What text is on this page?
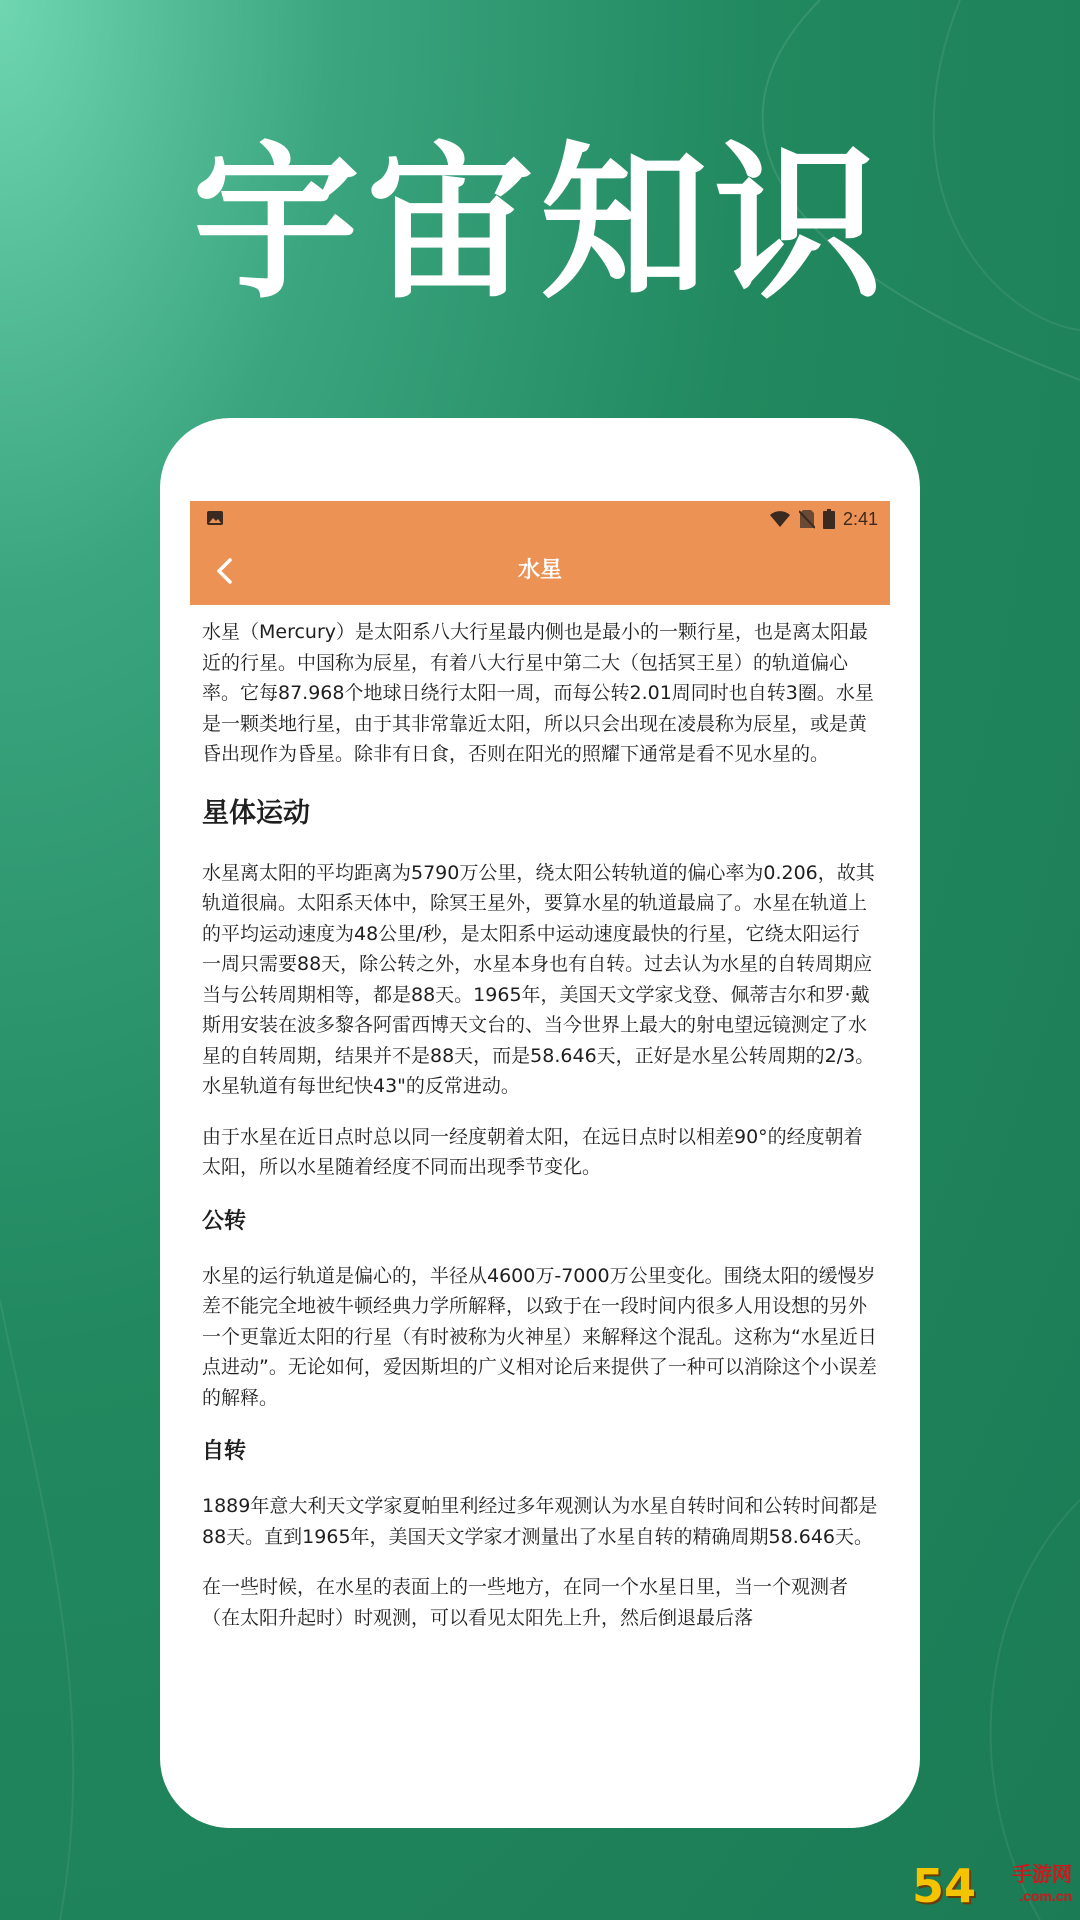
宇宙知识
2:41
水星

水星（Mercury）是太阳系八大行星最内侧也是最小的一颗行星，也是离太阳最近的行星。中国称为辰星，有着八大行星中第二大（包括冥王星）的轨道偏心率。它每87.968个地球日绕行太阳一周，而每公转2.01周同时也自转3圈。水星是一颗类地行星，由于其非常靠近太阳，所以只会出现在凌晨称为辰星，或是黄昏出现作为昏星。除非有日食，否则在阳光的照耀下通常是看不见水星的。

星体运动

水星离太阳的平均距离为5790万公里，绕太阳公转轨道的偏心率为0.206，故其轨道很扁。太阳系天体中，除冥王星外，要算水星的轨道最扁了。水星在轨道上的平均运动速度为48公里/秒，是太阳系中运动速度最快的行星，它绕太阳运行一周只需要88天，除公转之外，水星本身也有自转。过去认为水星的自转周期应当与公转周期相等，都是88天。1965年，美国天文学家戈登、佩蒂吉尔和罗·戴斯用安装在波多黎各阿雷西博天文台的、当今世界上最大的射电望远镜测定了水星的自转周期，结果并不是88天，而是58.646天，正好是水星公转周期的2/3。水星轨道有每世纪快43"的反常进动。

由于水星在近日点时总以同一经度朝着太阳，在远日点时以相差90°的经度朝着太阳，所以水星随着经度不同而出现季节变化。

公转

水星的运行轨道是偏心的，半径从4600万-7000万公里变化。围绕太阳的缓慢岁差不能完全地被牛顿经典力学所解释，以致于在一段时间内很多人用设想的另外一个更靠近太阳的行星（有时被称为火神星）来解释这个混乱。这称为“水星近日点进动”。无论如何，爱因斯坦的广义相对论后来提供了一种可以消除这个小误差的解释。

自转

1889年意大利天文学家夏帕里利经过多年观测认为水星自转时间和公转时间都是88天。直到1965年，美国天文学家才测量出了水星自转的精确周期58.646天。

在一些时候，在水星的表面上的一些地方，在同一个水星日里，当一个观测者（在太阳升起时）时观测，可以看见太阳先上升，然后倒退最后落

54 手游网
.com.cn
